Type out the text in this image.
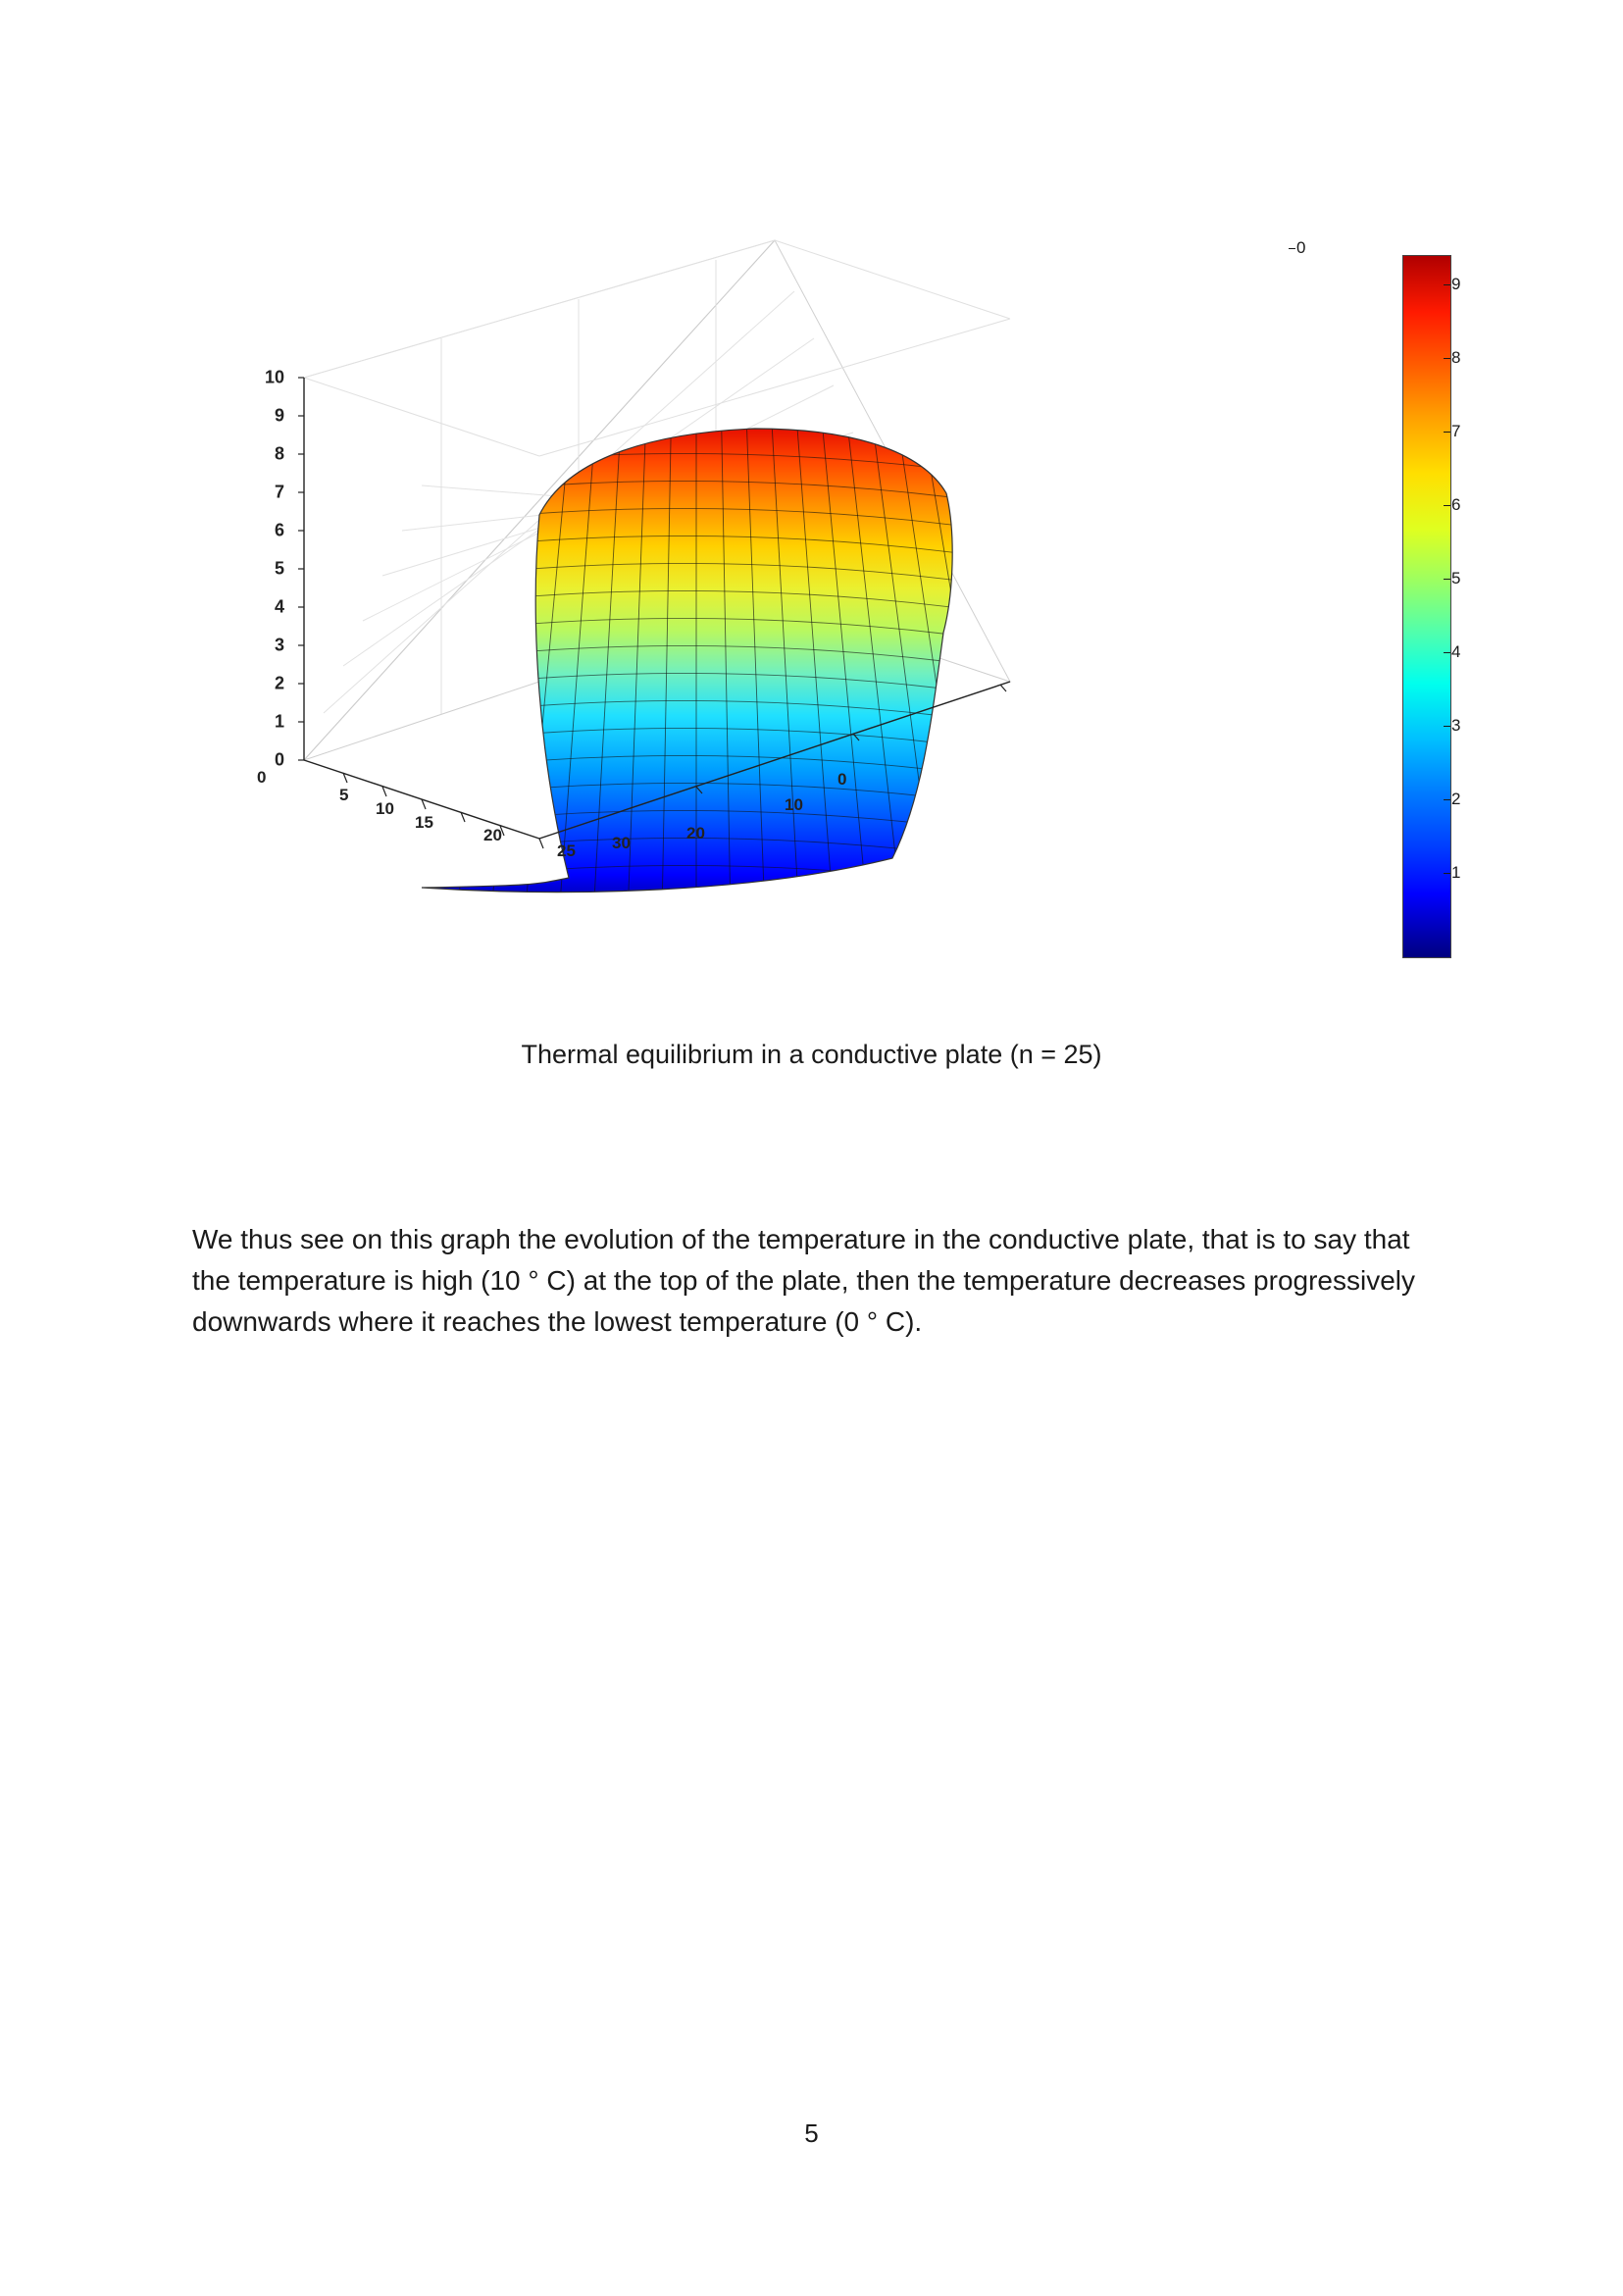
0
1
2
3
4
5
6
7
8
9
10
0
5
10
15
20
25 30
0
10
20
9
8
7
6
5
4
3
2
1
0
Thermal equilibrium in a conductive plate (n = 25)

We thus see on this graph the evolution of the temperature in the conductive plate, that is to say that the temperature is high (10 ° C) at the top of the plate, then the temperature decreases progressively downwards where it reaches the lowest temperature (0 ° C).

5
